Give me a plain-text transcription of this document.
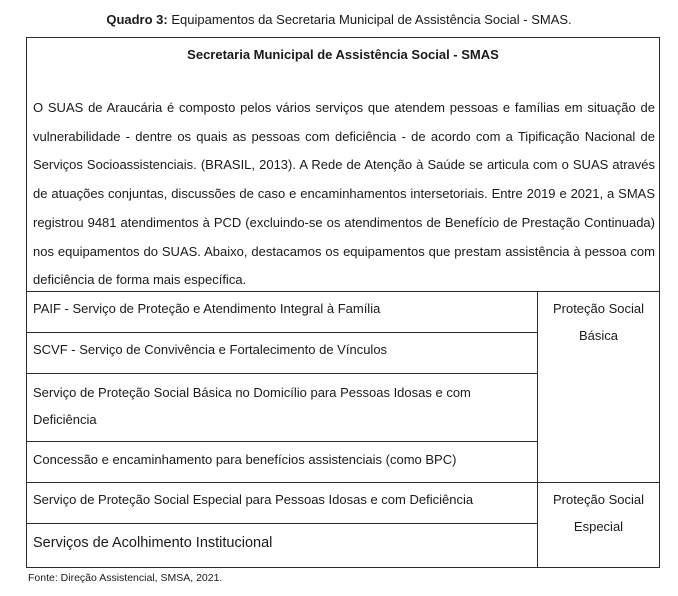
Quadro 3: Equipamentos da Secretaria Municipal de Assistência Social - SMAS.
Secretaria Municipal de Assistência Social - SMAS

O SUAS de Araucária é composto pelos vários serviços que atendem pessoas e famílias em situação de vulnerabilidade - dentre os quais as pessoas com deficiência - de acordo com a Tipificação Nacional de Serviços Socioassistenciais. (BRASIL, 2013). A Rede de Atenção à Saúde se articula com o SUAS através de atuações conjuntas, discussões de caso e encaminhamentos intersetoriais. Entre 2019 e 2021, a SMAS registrou 9481 atendimentos à PCD (excluindo-se os atendimentos de Benefício de Prestação Continuada) nos equipamentos do SUAS. Abaixo, destacamos os equipamentos que prestam assistência à pessoa com deficiência de forma mais específica.

PAIF - Serviço de Proteção e Atendimento Integral à Família
SCVF - Serviço de Convivência e Fortalecimento de Vínculos
Serviço de Proteção Social Básica no Domicílio para Pessoas Idosas e com Deficiência
Concessão e encaminhamento para benefícios assistenciais (como BPC)
Serviço de Proteção Social Especial para Pessoas Idosas e com Deficiência
Serviços de Acolhimento Institucional
Proteção Social Básica
Proteção Social Especial
Fonte: Direção Assistencial, SMSA, 2021.
